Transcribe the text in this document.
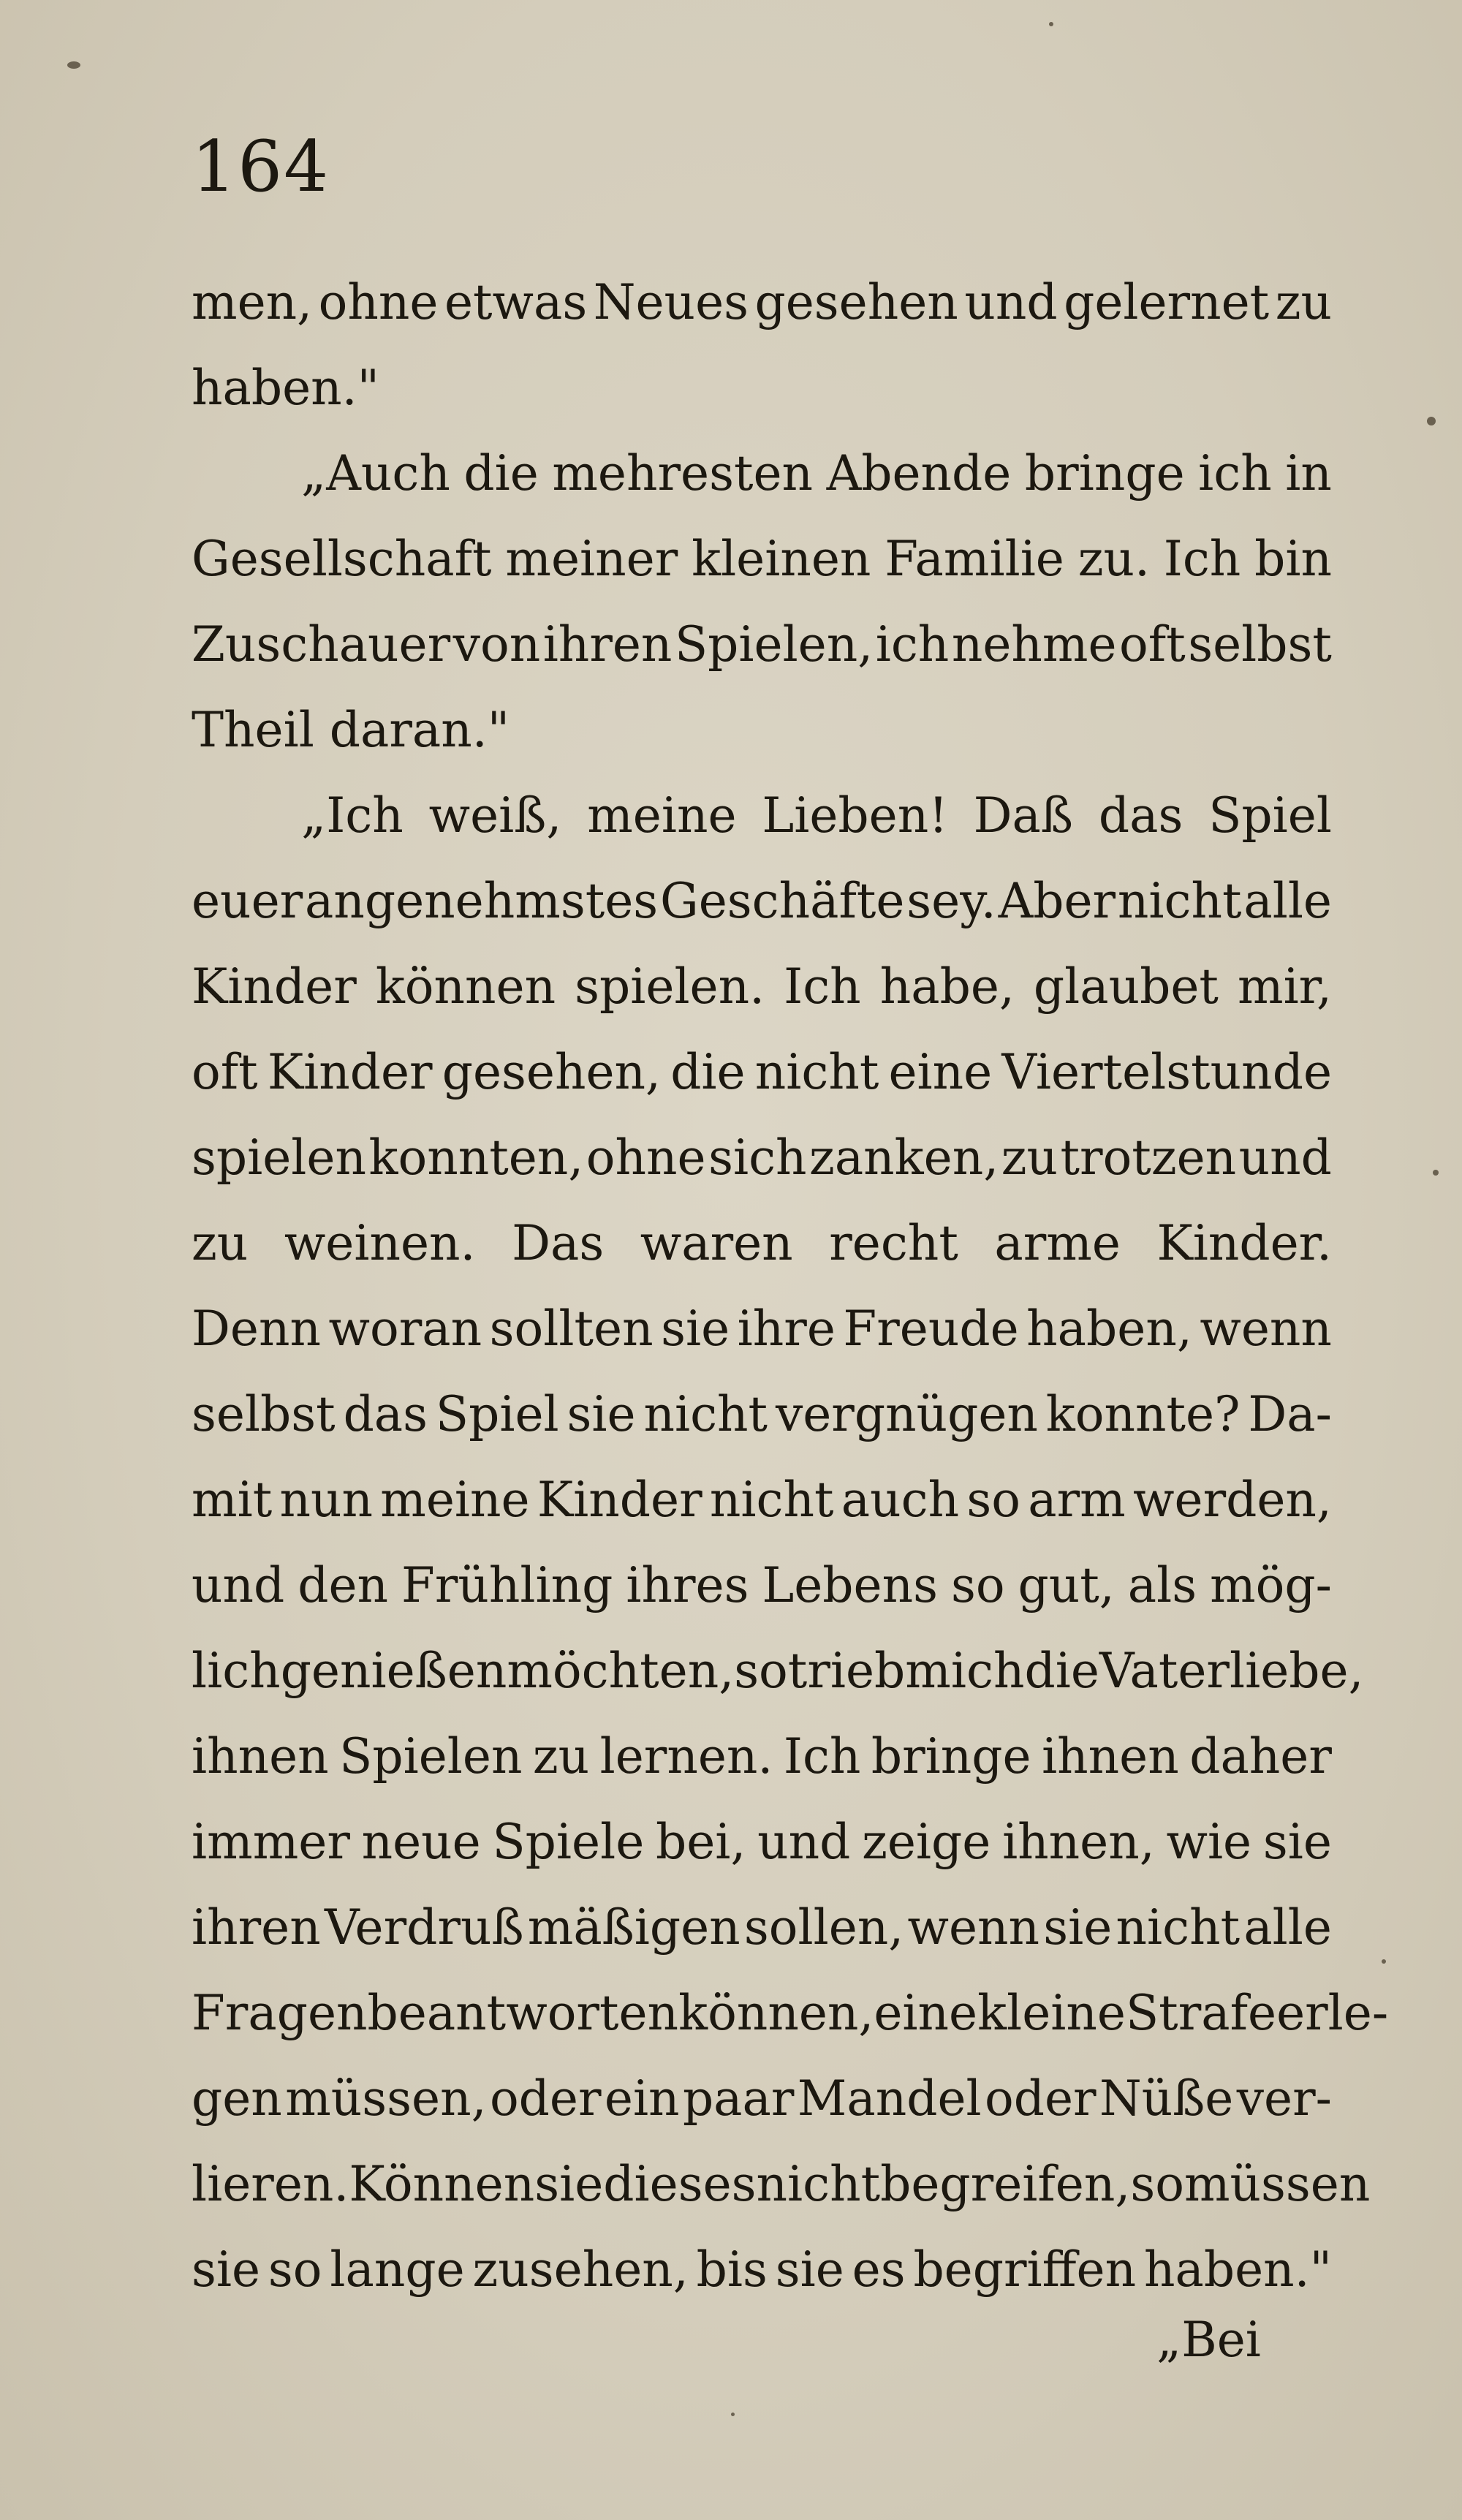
164
men, ohne etwas Neues gesehen und gelernet zu
haben."
„Auch die mehresten Abende bringe ich in
Gesellschaft meiner kleinen Familie zu. Ich bin
Zuschauer von ihren Spielen, ich nehme oft selbst
Theil daran."
„Ich weiß, meine Lieben! Daß das Spiel
euer angenehmstes Geschäfte sey. Aber nicht alle
Kinder können spielen. Ich habe, glaubet mir,
oft Kinder gesehen, die nicht eine Viertelstunde
spielen konnten, ohne sich zanken, zu trotzen und
zu weinen. Das waren recht arme Kinder.
Denn woran sollten sie ihre Freude haben, wenn
selbst das Spiel sie nicht vergnügen konnte? Da-
mit nun meine Kinder nicht auch so arm werden,
und den Frühling ihres Lebens so gut, als mög-
lich genießen möchten, so trieb mich die Vaterliebe,
ihnen Spielen zu lernen. Ich bringe ihnen daher
immer neue Spiele bei, und zeige ihnen, wie sie
ihren Verdruß mäßigen sollen, wenn sie nicht alle
Fragen beantworten können, eine kleine Strafe erle-
gen müssen, oder ein paar Mandel oder Nüße ver-
lieren. Können sie dieses nicht begreifen, so müssen
sie so lange zusehen, bis sie es begriffen haben."
„Bei
